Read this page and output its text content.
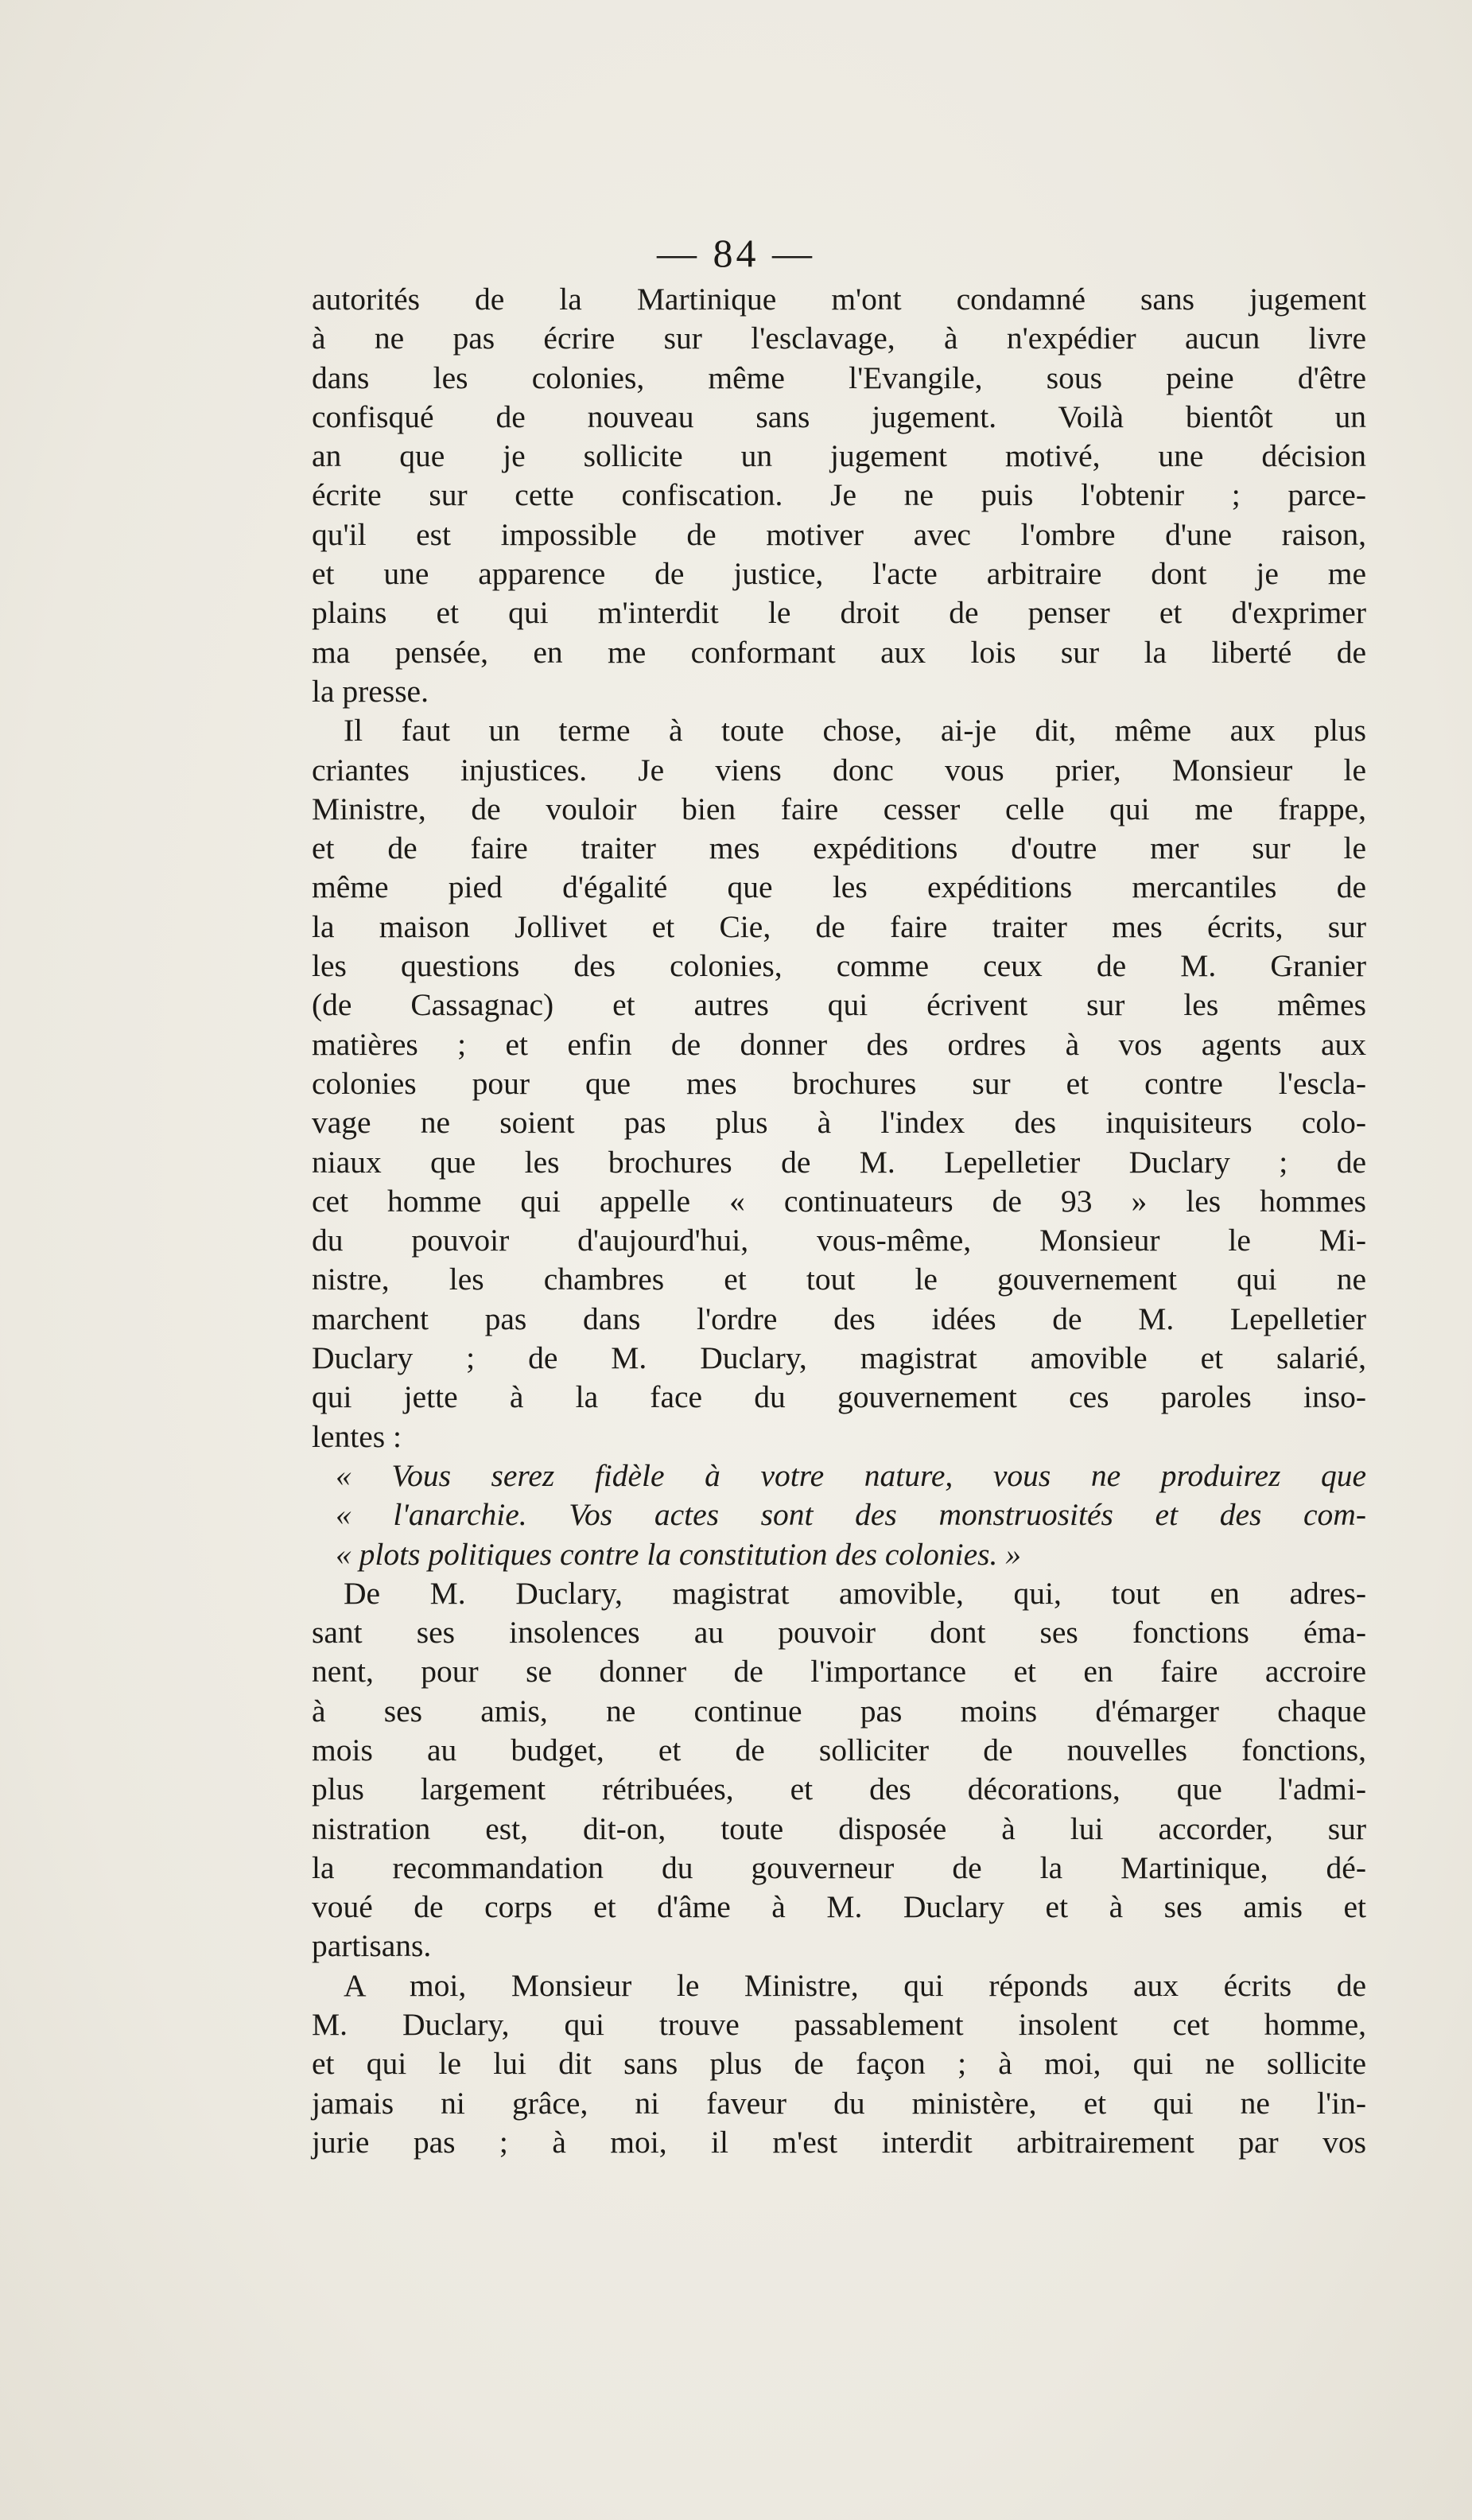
— 84 —
autorités de la Martinique m'ont condamné sans jugement
à ne pas écrire sur l'esclavage, à n'expédier aucun livre
dans les colonies, même l'Evangile, sous peine d'être
confisqué de nouveau sans jugement. Voilà bientôt un
an que je sollicite un jugement motivé, une décision
écrite sur cette confiscation. Je ne puis l'obtenir ; parce-
qu'il est impossible de motiver avec l'ombre d'une raison,
et une apparence de justice, l'acte arbitraire dont je me
plains et qui m'interdit le droit de penser et d'exprimer
ma pensée, en me conformant aux lois sur la liberté de
la presse.
Il faut un terme à toute chose, ai-je dit, même aux plus
criantes injustices. Je viens donc vous prier, Monsieur le
Ministre, de vouloir bien faire cesser celle qui me frappe,
et de faire traiter mes expéditions d'outre mer sur le
même pied d'égalité que les expéditions mercantiles de
la maison Jollivet et Cie, de faire traiter mes écrits, sur
les questions des colonies, comme ceux de M. Granier
(de Cassagnac) et autres qui écrivent sur les mêmes
matières ; et enfin de donner des ordres à vos agents aux
colonies pour que mes brochures sur et contre l'escla-
vage ne soient pas plus à l'index des inquisiteurs colo-
niaux que les brochures de M. Lepelletier Duclary ; de
cet homme qui appelle « continuateurs de 93 » les hommes
du pouvoir d'aujourd'hui, vous-même, Monsieur le Mi-
nistre, les chambres et tout le gouvernement qui ne
marchent pas dans l'ordre des idées de M. Lepelletier
Duclary ; de M. Duclary, magistrat amovible et salarié,
qui jette à la face du gouvernement ces paroles inso-
lentes :
« Vous serez fidèle à votre nature, vous ne produirez que
« l'anarchie. Vos actes sont des monstruosités et des com-
« plots politiques contre la constitution des colonies. »
De M. Duclary, magistrat amovible, qui, tout en adres-
sant ses insolences au pouvoir dont ses fonctions éma-
nent, pour se donner de l'importance et en faire accroire
à ses amis, ne continue pas moins d'émarger chaque
mois au budget, et de solliciter de nouvelles fonctions,
plus largement rétribuées, et des décorations, que l'admi-
nistration est, dit-on, toute disposée à lui accorder, sur
la recommandation du gouverneur de la Martinique, dé-
voué de corps et d'âme à M. Duclary et à ses amis et
partisans.
A moi, Monsieur le Ministre, qui réponds aux écrits de
M. Duclary, qui trouve passablement insolent cet homme,
et qui le lui dit sans plus de façon ; à moi, qui ne sollicite
jamais ni grâce, ni faveur du ministère, et qui ne l'in-
jurie pas ; à moi, il m'est interdit arbitrairement par vos
